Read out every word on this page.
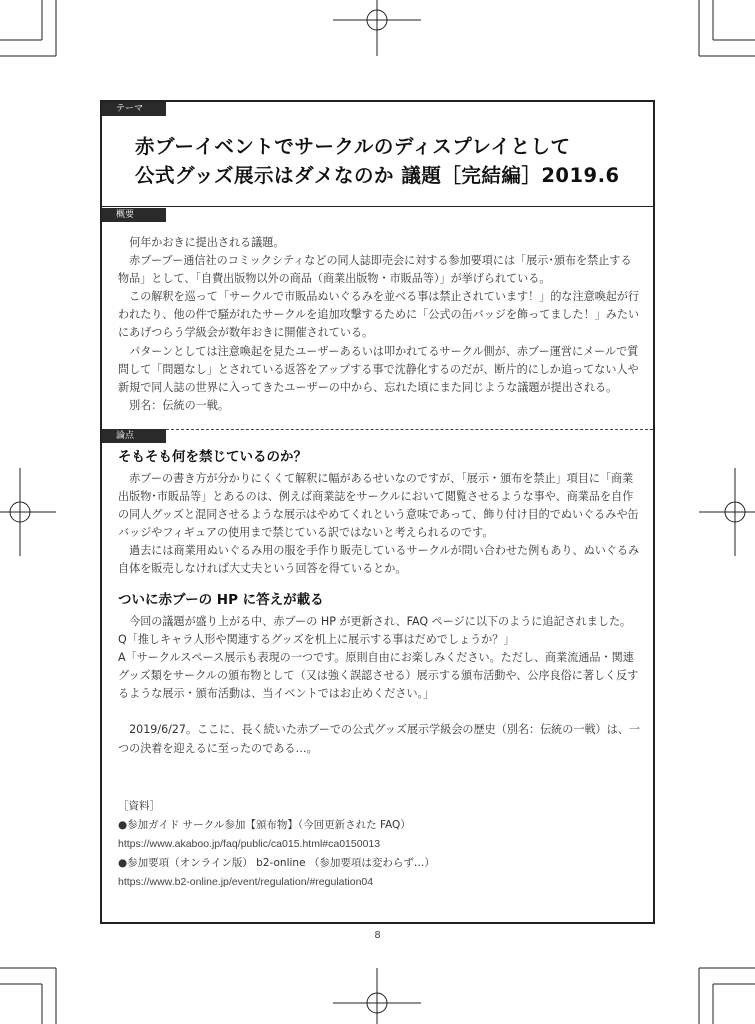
テーマ
赤ブーイベントでサークルのディスプレイとして
公式グッズ展示はダメなのか 議題［完結編］2019.6
概要

何年かおきに提出される議題。

赤ブーブー通信社のコミックシティなどの同人誌即売会に対する参加要項には「展示･頒布を禁止する物品」として、「自費出版物以外の商品（商業出版物・市販品等）」が挙げられている。

この解釈を巡って「サークルで市販品ぬいぐるみを並べる事は禁止されています！」的な注意喚起が行われたり、他の件で騒がれたサークルを追加攻撃するために「公式の缶バッジを飾ってました！」みたいにあげつらう学級会が数年おきに開催されている。

パターンとしては注意喚起を見たユーザーあるいは叩かれてるサークル側が、赤ブー運営にメールで質問して「問題なし」とされている返答をアップする事で沈静化するのだが、断片的にしか追ってない人や新規で同人誌の世界に入ってきたユーザーの中から、忘れた頃にまた同じような議題が提出される。

別名：伝統の一戦。

論点
そもそも何を禁じているのか？

赤ブーの書き方が分かりにくくて解釈に幅があるせいなのですが、「展示・頒布を禁止」項目に「商業出版物･市販品等」とあるのは、例えば商業誌をサークルにおいて閲覧させるような事や、商業品を自作の同人グッズと混同させるような展示はやめてくれという意味であって、飾り付け目的でぬいぐるみや缶バッジやフィギュアの使用まで禁じている訳ではないと考えられるのです。

過去には商業用ぬいぐるみ用の服を手作り販売しているサークルが問い合わせた例もあり、ぬいぐるみ自体を販売しなければ大丈夫という回答を得ているとか。

ついに赤ブーの HP に答えが載る

今回の議題が盛り上がる中、赤ブーの HP が更新され、FAQ ページに以下のように追記されました。

Q「推しキャラ人形や関連するグッズを机上に展示する事はだめでしょうか？」

A「サークルスペース展示も表現の一つです。原則自由にお楽しみください。ただし、商業流通品・関連グッズ類をサークルの頒布物として（又は強く誤認させる）展示する頒布活動や、公序良俗に著しく反するような展示・頒布活動は、当イベントではお止めください。」

2019/6/27。ここに、長く続いた赤ブーでの公式グッズ展示学級会の歴史（別名：伝統の一戦）は、一つの決着を迎えるに至ったのである…。

［資料］
●参加ガイド サークル参加【頒布物】（今回更新された FAQ）
https://www.akaboo.jp/faq/public/ca015.html#ca0150013
●参加要項（オンライン版） b2-online （参加要項は変わらず…）
https://www.b2-online.jp/event/regulation/#regulation04
8
